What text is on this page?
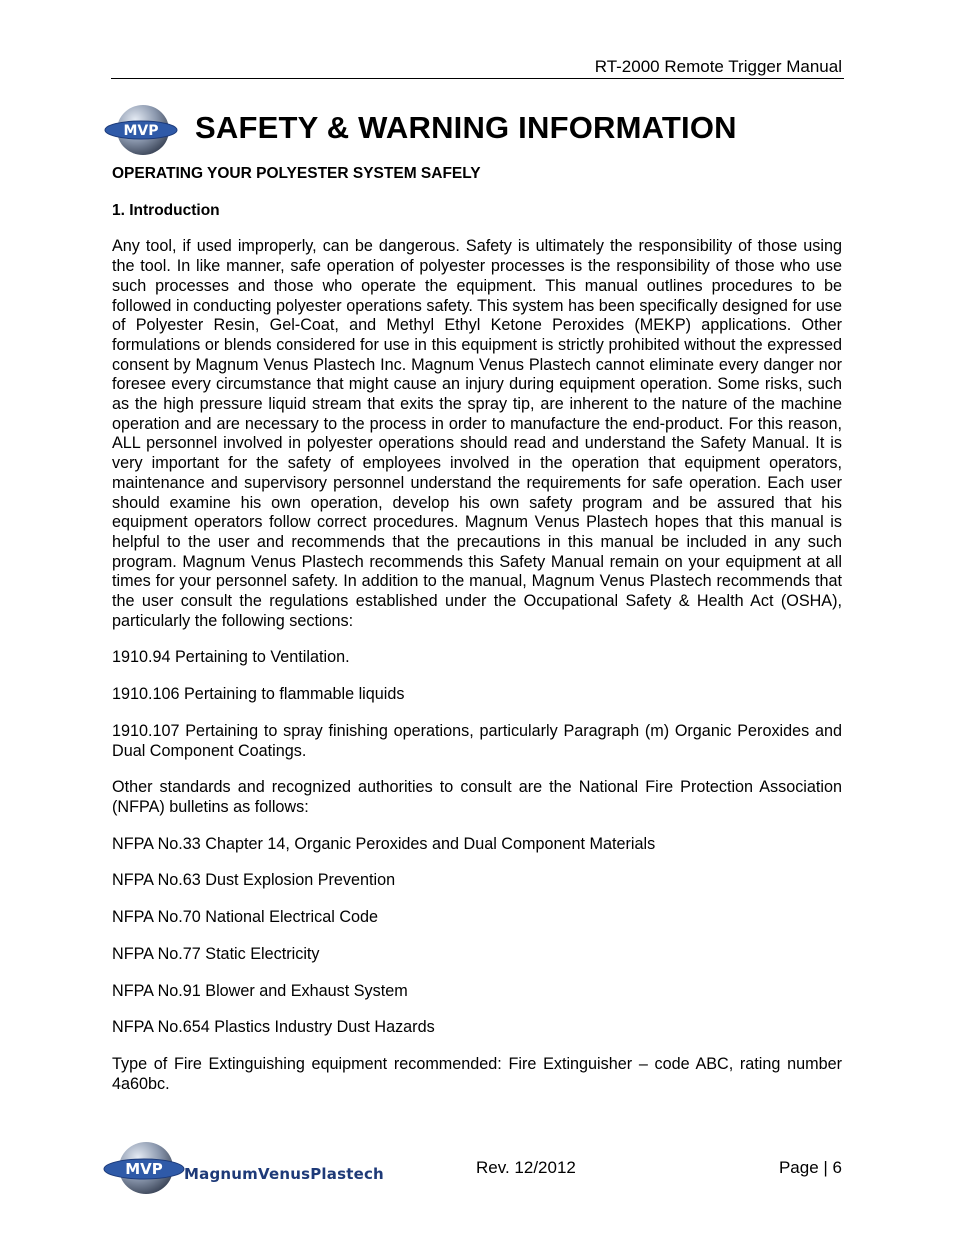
RT-2000 Remote Trigger Manual
MVP SAFETY & WARNING INFORMATION

OPERATING YOUR POLYESTER SYSTEM SAFELY

1. Introduction

Any tool, if used improperly, can be dangerous. Safety is ultimately the responsibility of those using the tool. In like manner, safe operation of polyester processes is the responsibility of those who use such processes and those who operate the equipment. This manual outlines procedures to be followed in conducting polyester operations safety. This system has been specifically designed for use of Polyester Resin, Gel-Coat, and Methyl Ethyl Ketone Peroxides (MEKP) applications. Other formulations or blends considered for use in this equipment is strictly prohibited without the expressed consent by Magnum Venus Plastech Inc. Magnum Venus Plastech cannot eliminate every danger nor foresee every circumstance that might cause an injury during equipment operation. Some risks, such as the high pressure liquid stream that exits the spray tip, are inherent to the nature of the machine operation and are necessary to the process in order to manufacture the end-product. For this reason, ALL personnel involved in polyester operations should read and understand the Safety Manual. It is very important for the safety of employees involved in the operation that equipment operators, maintenance and supervisory personnel understand the requirements for safe operation. Each user should examine his own operation, develop his own safety program and be assured that his equipment operators follow correct procedures. Magnum Venus Plastech hopes that this manual is helpful to the user and recommends that the precautions in this manual be included in any such program. Magnum Venus Plastech recommends this Safety Manual remain on your equipment at all times for your personnel safety. In addition to the manual, Magnum Venus Plastech recommends that the user consult the regulations established under the Occupational Safety & Health Act (OSHA), particularly the following sections:

1910.94 Pertaining to Ventilation.

1910.106 Pertaining to flammable liquids

1910.107 Pertaining to spray finishing operations, particularly Paragraph (m) Organic Peroxides and Dual Component Coatings.

Other standards and recognized authorities to consult are the National Fire Protection Association (NFPA) bulletins as follows:

NFPA No.33 Chapter 14, Organic Peroxides and Dual Component Materials

NFPA No.63 Dust Explosion Prevention

NFPA No.70 National Electrical Code

NFPA No.77 Static Electricity

NFPA No.91 Blower and Exhaust System

NFPA No.654 Plastics Industry Dust Hazards

Type of Fire Extinguishing equipment recommended: Fire Extinguisher – code ABC, rating number 4a60bc.

MVP MagnumVenusPlastech	Rev. 12/2012	Page | 6
